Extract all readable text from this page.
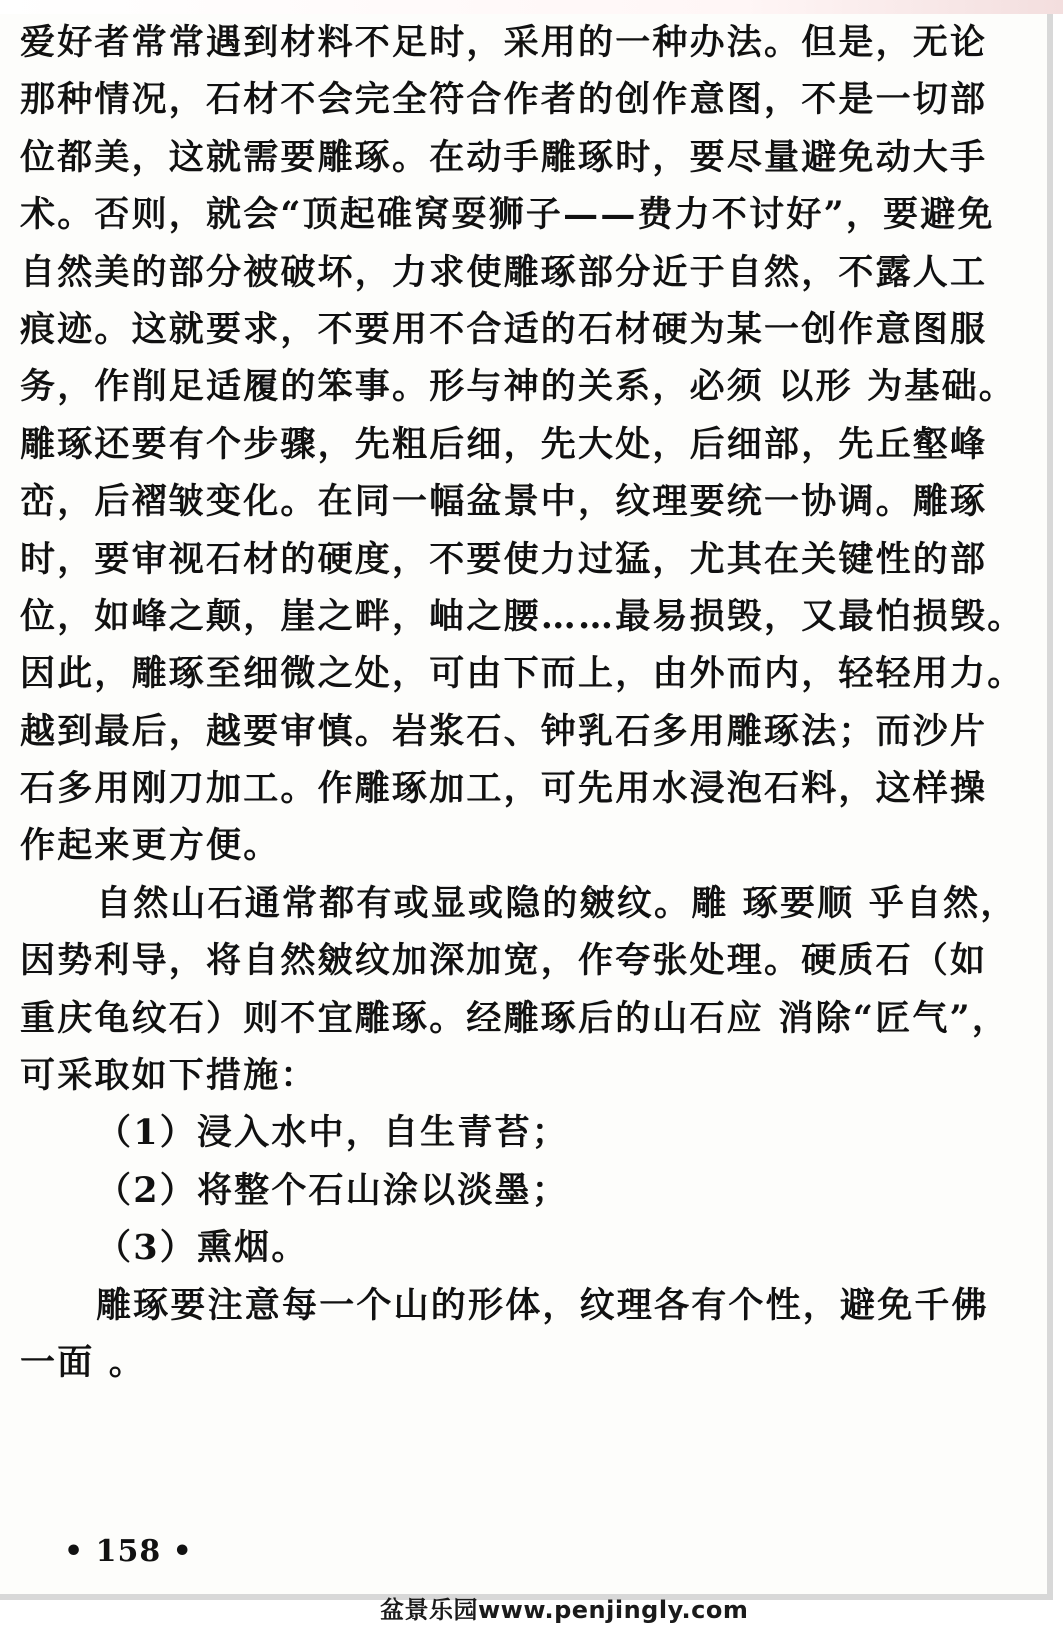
爱好者常常遇到材料不足时，采用的一种办法。但是，无论
那种情况，石材不会完全符合作者的创作意图，不是一切部
位都美，这就需要雕琢。在动手雕琢时，要尽量避免动大手
术。否则，就会“顶起碓窝耍狮子——费力不讨好”，要避免
自然美的部分被破坏，力求使雕琢部分近于自然，不露人工
痕迹。这就要求，不要用不合适的石材硬为某一创作意图服
务，作削足适履的笨事。形与神的关系，必须 以形 为基础。
雕琢还要有个步骤，先粗后细，先大处，后细部，先丘壑峰
峦，后褶皱变化。在同一幅盆景中，纹理要统一协调。雕琢
时，要审视石材的硬度，不要使力过猛，尤其在关键性的部
位，如峰之颠，崖之畔，岫之腰……最易损毁，又最怕损毁。
因此，雕琢至细微之处，可由下而上，由外而内，轻轻用力。
越到最后，越要审慎。岩浆石、钟乳石多用雕琢法；而沙片
石多用刚刀加工。作雕琢加工，可先用水浸泡石料，这样操
作起来更方便。
自然山石通常都有或显或隐的皴纹。雕 琢要顺 乎自然，
因势利导，将自然皴纹加深加宽，作夸张处理。硬质石（如
重庆龟纹石）则不宜雕琢。经雕琢后的山石应 消除“匠气”，
可采取如下措施：
（1）浸入水中，自生青苔；
（2）将整个石山涂以淡墨；
（3）熏烟。
雕琢要注意每一个山的形体，纹理各有个性，避免千佛
一面 。
• 158 •
盆景乐园www.penjingly.com
